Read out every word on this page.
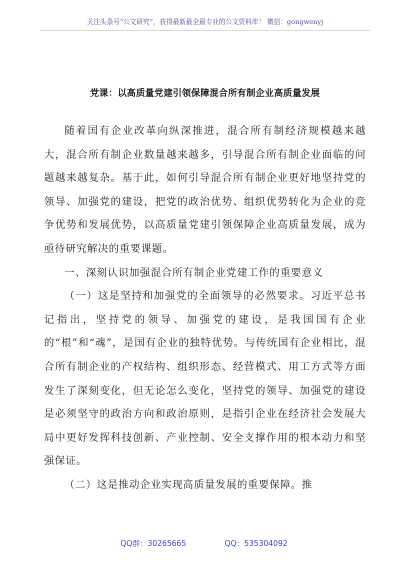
关注头条号“公文研究”，获得最新最全最专业的公文资料库！ 微信：gongwenyj
党课：以高质量党建引领保障混合所有制企业高质量发展

随着国有企业改革向纵深推进，混合所有制经济规模越来越大，混合所有制企业数量越来越多，引导混合所有制企业面临的问题越来越复杂。基于此，如何引导混合所有制企业更好地坚持党的领导、加强党的建设，把党的政治优势、组织优势转化为企业的竞争优势和发展优势，以高质量党建引领保障企业高质量发展，成为亟待研究解决的重要课题。

一、深刻认识加强混合所有制企业党建工作的重要意义

（一）这是坚持和加强党的全面领导的必然要求。习近平总书记指出，坚持党的领导、加强党的建设，是我国国有企业的“根”和“魂”，是国有企业的独特优势。与传统国有企业相比，混合所有制企业的产权结构、组织形态、经营模式、用工方式等方面发生了深刻变化，但无论怎么变化，坚持党的领导、加强党的建设是必须坚守的政治方向和政治原则，是指引企业在经济社会发展大局中更好发挥科技创新、产业控制、安全支撑作用的根本动力和坚强保证。

（二）这是推动企业实现高质量发展的重要保障。推

QQ群：30265665	QQ：535304092
